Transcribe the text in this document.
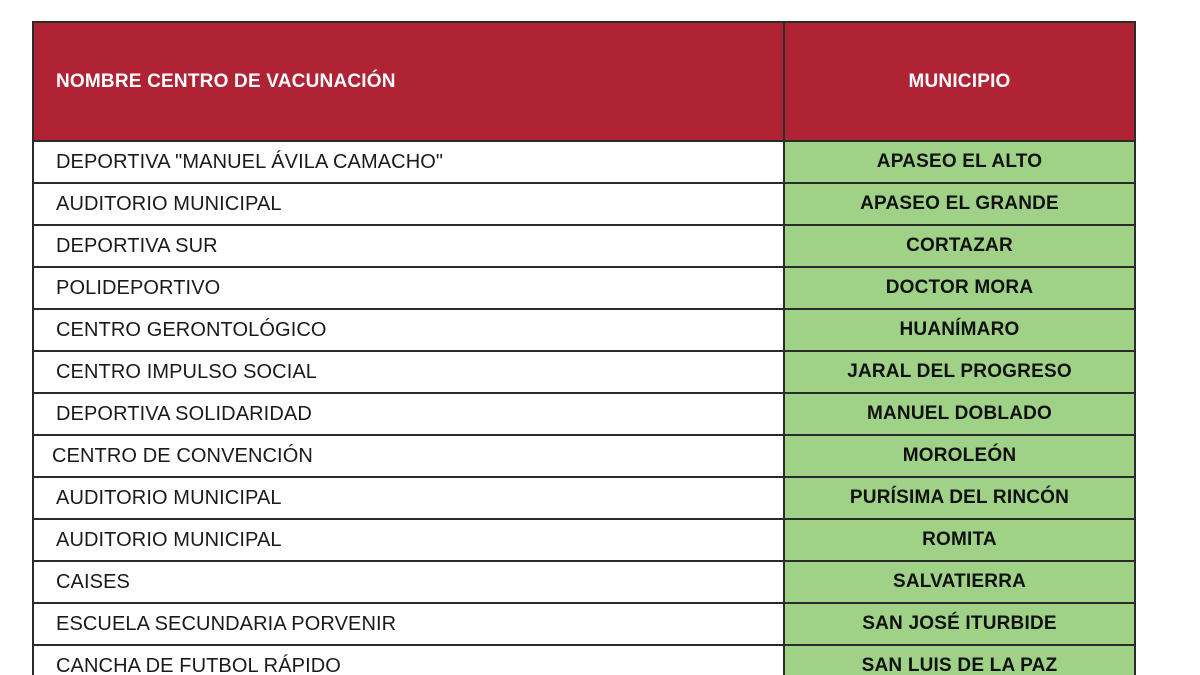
NOMBRE CENTRO DE VACUNACIÓN	MUNICIPIO
DEPORTIVA "MANUEL ÁVILA CAMACHO"	APASEO EL ALTO
AUDITORIO MUNICIPAL	APASEO EL GRANDE
DEPORTIVA SUR	CORTAZAR
POLIDEPORTIVO	DOCTOR MORA
CENTRO GERONTOLÓGICO	HUANÍMARO
CENTRO IMPULSO SOCIAL	JARAL DEL PROGRESO
DEPORTIVA SOLIDARIDAD	MANUEL DOBLADO
CENTRO DE CONVENCIÓN	MOROLEÓN
AUDITORIO MUNICIPAL	PURÍSIMA DEL RINCÓN
AUDITORIO MUNICIPAL	ROMITA
CAISES	SALVATIERRA
ESCUELA SECUNDARIA PORVENIR	SAN JOSÉ ITURBIDE
CANCHA DE FUTBOL RÁPIDO	SAN LUIS DE LA PAZ
